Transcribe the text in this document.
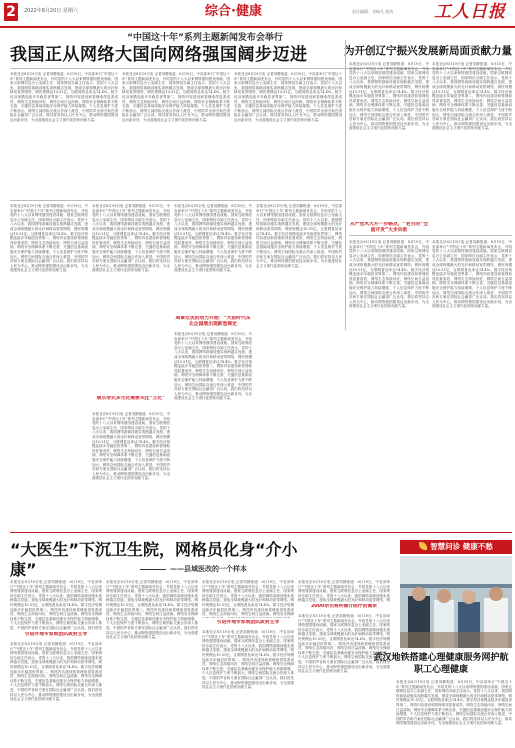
2	2022年8月20日 星期六	综合·健康	责任编辑：邓崎凡 胡涛 工人日报
“中国这十年”系列主题新闻发布会举行
我国正从网络大国向网络强国阔步迈进	为开创辽宁振兴发展新局面贡献力量
本报北京8月19日电 记者刘静报道：8月19日，中宣部举行“中国这十年”系列主题新闻发布会，介绍党的十八大以来网络强国建设成就。国家互联网信息办公室副主任、国家网信办副主任表示，党的十八大以来，我国网络基础设施实现跨越式发展，建成全球规模最大的光纤和移动宽带网络，网民规模达10.51亿，互联网普及率达74.4%。数字经济规模连续多年稳居世界第二，网络内容建设和管理取得显著成效，网络生态持续向好，网络空间日益清朗。网络安全保障体系不断完善，关键信息基础设施安全保护能力持续增强，个人信息保护力度不断加大。网络空间国际交流合作深入推进，中国的声音和方案在国际社会赢得广泛认同。我们将坚持以人民为中心，推动网络强国建设迈出新步伐，为全面建设社会主义现代化国家贡献力量。
本报北京8月19日电 记者刘静报道：8月19日，中宣部举行“中国这十年”系列主题新闻发布会，介绍党的十八大以来网络强国建设成就。国家互联网信息办公室副主任、国家网信办副主任表示，党的十八大以来，我国网络基础设施实现跨越式发展，建成全球规模最大的光纤和移动宽带网络，网民规模达10.51亿，互联网普及率达74.4%。数字经济规模连续多年稳居世界第二，网络内容建设和管理取得显著成效，网络生态持续向好，网络空间日益清朗。网络安全保障体系不断完善，关键信息基础设施安全保护能力持续增强，个人信息保护力度不断加大。网络空间国际交流合作深入推进，中国的声音和方案在国际社会赢得广泛认同。我们将坚持以人民为中心，推动网络强国建设迈出新步伐，为全面建设社会主义现代化国家贡献力量。
本报北京8月19日电 记者刘静报道：8月19日，中宣部举行“中国这十年”系列主题新闻发布会，介绍党的十八大以来网络强国建设成就。国家互联网信息办公室副主任、国家网信办副主任表示，党的十八大以来，我国网络基础设施实现跨越式发展，建成全球规模最大的光纤和移动宽带网络，网民规模达10.51亿，互联网普及率达74.4%。数字经济规模连续多年稳居世界第二，网络内容建设和管理取得显著成效，网络生态持续向好，网络空间日益清朗。网络安全保障体系不断完善，关键信息基础设施安全保护能力持续增强，个人信息保护力度不断加大。网络空间国际交流合作深入推进，中国的声音和方案在国际社会赢得广泛认同。我们将坚持以人民为中心，推动网络强国建设迈出新步伐，为全面建设社会主义现代化国家贡献力量。
本报北京8月19日电 记者刘静报道：8月19日，中宣部举行“中国这十年”系列主题新闻发布会，介绍党的十八大以来网络强国建设成就。国家互联网信息办公室副主任、国家网信办副主任表示，党的十八大以来，我国网络基础设施实现跨越式发展，建成全球规模最大的光纤和移动宽带网络，网民规模达10.51亿，互联网普及率达74.4%。数字经济规模连续多年稳居世界第二，网络内容建设和管理取得显著成效，网络生态持续向好，网络空间日益清朗。网络安全保障体系不断完善，关键信息基础设施安全保护能力持续增强，个人信息保护力度不断加大。网络空间国际交流合作深入推进，中国的声音和方案在国际社会赢得广泛认同。我们将坚持以人民为中心，推动网络强国建设迈出新步伐，为全面建设社会主义现代化国家贡献力量。
本报北京8月19日电 记者刘静报道：8月19日，中宣部举行“中国这十年”系列主题新闻发布会，介绍党的十八大以来网络强国建设成就。国家互联网信息办公室副主任、国家网信办副主任表示，党的十八大以来，我国网络基础设施实现跨越式发展，建成全球规模最大的光纤和移动宽带网络，网民规模达10.51亿，互联网普及率达74.4%。数字经济规模连续多年稳居世界第二，网络内容建设和管理取得显著成效，网络生态持续向好，网络空间日益清朗。网络安全保障体系不断完善，关键信息基础设施安全保护能力持续增强，个人信息保护力度不断加大。网络空间国际交流合作深入推进，中国的声音和方案在国际社会赢得广泛认同。我们将坚持以人民为中心，推动网络强国建设迈出新步伐，为全面建设社会主义现代化国家贡献力量。
本报北京8月19日电 记者刘静报道：8月19日，中宣部举行“中国这十年”系列主题新闻发布会，介绍党的十八大以来网络强国建设成就。国家互联网信息办公室副主任、国家网信办副主任表示，党的十八大以来，我国网络基础设施实现跨越式发展，建成全球规模最大的光纤和移动宽带网络，网民规模达10.51亿，互联网普及率达74.4%。数字经济规模连续多年稳居世界第二，网络内容建设和管理取得显著成效，网络生态持续向好，网络空间日益清朗。网络安全保障体系不断完善，关键信息基础设施安全保护能力持续增强，个人信息保护力度不断加大。网络空间国际交流合作深入推进，中国的声音和方案在国际社会赢得广泛认同。我们将坚持以人民为中心，推动网络强国建设迈出新步伐，为全面建设社会主义现代化国家贡献力量。
本报北京8月19日电 记者刘静报道：8月19日，中宣部举行“中国这十年”系列主题新闻发布会，介绍党的十八大以来网络强国建设成就。国家互联网信息办公室副主任、国家网信办副主任表示，党的十八大以来，我国网络基础设施实现跨越式发展，建成全球规模最大的光纤和移动宽带网络，网民规模达10.51亿，互联网普及率达74.4%。数字经济规模连续多年稳居世界第二，网络内容建设和管理取得显著成效，网络生态持续向好，网络空间日益清朗。网络安全保障体系不断完善，关键信息基础设施安全保护能力持续增强，个人信息保护力度不断加大。网络空间国际交流合作深入推进，中国的声音和方案在国际社会赢得广泛认同。我们将坚持以人民为中心，推动网络强国建设迈出新步伐，为全面建设社会主义现代化国家贡献力量。
娱乐形式多元化需要关注“土化”
本报北京8月19日电 记者刘静报道：8月19日，中宣部举行“中国这十年”系列主题新闻发布会，介绍党的十八大以来网络强国建设成就。国家互联网信息办公室副主任、国家网信办副主任表示，党的十八大以来，我国网络基础设施实现跨越式发展，建成全球规模最大的光纤和移动宽带网络，网民规模达10.51亿，互联网普及率达74.4%。数字经济规模连续多年稳居世界第二，网络内容建设和管理取得显著成效，网络生态持续向好，网络空间日益清朗。网络安全保障体系不断完善，关键信息基础设施安全保护能力持续增强，个人信息保护力度不断加大。网络空间国际交流合作深入推进，中国的声音和方案在国际社会赢得广泛认同。我们将坚持以人民为中心，推动网络强国建设迈出新步伐，为全面建设社会主义现代化国家贡献力量。
本报北京8月19日电 记者刘静报道：8月19日，中宣部举行“中国这十年”系列主题新闻发布会，介绍党的十八大以来网络强国建设成就。国家互联网信息办公室副主任、国家网信办副主任表示，党的十八大以来，我国网络基础设施实现跨越式发展，建成全球规模最大的光纤和移动宽带网络，网民规模达10.51亿，互联网普及率达74.4%。数字经济规模连续多年稳居世界第二，网络内容建设和管理取得显著成效，网络生态持续向好，网络空间日益清朗。网络安全保障体系不断完善，关键信息基础设施安全保护能力持续增强，个人信息保护力度不断加大。网络空间国际交流合作深入推进，中国的声音和方案在国际社会赢得广泛认同。我们将坚持以人民为中心，推动网络强国建设迈出新步伐，为全面建设社会主义现代化国家贡献力量。
周章过优的动力开始：“大前时代东北企国展出现新型规定
本报北京8月19日电 记者刘静报道：8月19日，中宣部举行“中国这十年”系列主题新闻发布会，介绍党的十八大以来网络强国建设成就。国家互联网信息办公室副主任、国家网信办副主任表示，党的十八大以来，我国网络基础设施实现跨越式发展，建成全球规模最大的光纤和移动宽带网络，网民规模达10.51亿，互联网普及率达74.4%。数字经济规模连续多年稳居世界第二，网络内容建设和管理取得显著成效，网络生态持续向好，网络空间日益清朗。网络安全保障体系不断完善，关键信息基础设施安全保护能力持续增强，个人信息保护力度不断加大。网络空间国际交流合作深入推进，中国的声音和方案在国际社会赢得广泛认同。我们将坚持以人民为中心，推动网络强国建设迈出新步伐，为全面建设社会主义现代化国家贡献力量。
本报北京8月19日电 记者刘静报道：8月19日，中宣部举行“中国这十年”系列主题新闻发布会，介绍党的十八大以来网络强国建设成就。国家互联网信息办公室副主任、国家网信办副主任表示，党的十八大以来，我国网络基础设施实现跨越式发展，建成全球规模最大的光纤和移动宽带网络，网民规模达10.51亿，互联网普及率达74.4%。数字经济规模连续多年稳居世界第二，网络内容建设和管理取得显著成效，网络生态持续向好，网络空间日益清朗。网络安全保障体系不断完善，关键信息基础设施安全保护能力持续增强，个人信息保护力度不断加大。网络空间国际交流合作深入推进，中国的声音和方案在国际社会赢得广泛认同。我们将坚持以人民为中心，推动网络强国建设迈出新步伐，为全面建设社会主义现代化国家贡献力量。
本报北京8月19日电 记者刘静报道：8月19日，中宣部举行“中国这十年”系列主题新闻发布会，介绍党的十八大以来网络强国建设成就。国家互联网信息办公室副主任、国家网信办副主任表示，党的十八大以来，我国网络基础设施实现跨越式发展，建成全球规模最大的光纤和移动宽带网络，网民规模达10.51亿，互联网普及率达74.4%。数字经济规模连续多年稳居世界第二，网络内容建设和管理取得显著成效，网络生态持续向好，网络空间日益清朗。网络安全保障体系不断完善，关键信息基础设施安全保护能力持续增强，个人信息保护力度不断加大。网络空间国际交流合作深入推进，中国的声音和方案在国际社会赢得广泛认同。我们将坚持以人民为中心，推动网络强国建设迈出新步伐，为全面建设社会主义现代化国家贡献力量。
从严党风大开一步路点，“老百的“全面开发”大步向前
本报北京8月19日电 记者刘静报道：8月19日，中宣部举行“中国这十年”系列主题新闻发布会，介绍党的十八大以来网络强国建设成就。国家互联网信息办公室副主任、国家网信办副主任表示，党的十八大以来，我国网络基础设施实现跨越式发展，建成全球规模最大的光纤和移动宽带网络，网民规模达10.51亿，互联网普及率达74.4%。数字经济规模连续多年稳居世界第二，网络内容建设和管理取得显著成效，网络生态持续向好，网络空间日益清朗。网络安全保障体系不断完善，关键信息基础设施安全保护能力持续增强，个人信息保护力度不断加大。网络空间国际交流合作深入推进，中国的声音和方案在国际社会赢得广泛认同。我们将坚持以人民为中心，推动网络强国建设迈出新步伐，为全面建设社会主义现代化国家贡献力量。
“大医生”下沉卫生院，网格员化身“介小康”	——县域医改的一个样本
本报北京8月19日电 记者刘静报道：8月19日，中宣部举行“中国这十年”系列主题新闻发布会，介绍党的十八大以来网络强国建设成就。国家互联网信息办公室副主任、国家网信办副主任表示，党的十八大以来，我国网络基础设施实现跨越式发展，建成全球规模最大的光纤和移动宽带网络，网民规模达10.51亿，互联网普及率达74.4%。数字经济规模连续多年稳居世界第二，网络内容建设和管理取得显著成效，网络生态持续向好，网络空间日益清朗。网络安全保障体系不断完善，关键信息基础设施安全保护能力持续增强，个人信息保护力度不断加大。网络空间国际交流合作深入推进，中国的声音和方案在国际社会赢得广泛认同。我们将坚
引进外地专家或团队政府主导
本报北京8月19日电 记者刘静报道：8月19日，中宣部举行“中国这十年”系列主题新闻发布会，介绍党的十八大以来网络强国建设成就。国家互联网信息办公室副主任、国家网信办副主任表示，党的十八大以来，我国网络基础设施实现跨越式发展，建成全球规模最大的光纤和移动宽带网络，网民规模达10.51亿，互联网普及率达74.4%。数字经济规模连续多年稳居世界第二，网络内容建设和管理取得显著成效，网络生态持续向好，网络空间日益清朗。网络安全保障体系不断完善，关键信息基础设施安全保护能力持续增强，个人信息保护力度不断加大。网络空间国际交流合作深入推进，中国的声音和方案在国际社会赢得广泛认同。我们将坚持以人民为中心，推动网络强国建设迈出新步伐，为全面建设社会主义现代化国家贡献力量。
本报北京8月19日电 记者刘静报道：8月19日，中宣部举行“中国这十年”系列主题新闻发布会，介绍党的十八大以来网络强国建设成就。国家互联网信息办公室副主任、国家网信办副主任表示，党的十八大以来，我国网络基础设施实现跨越式发展，建成全球规模最大的光纤和移动宽带网络，网民规模达10.51亿，互联网普及率达74.4%。数字经济规模连续多年稳居世界第二，网络内容建设和管理取得显著成效，网络生态持续向好，网络空间日益清朗。网络安全保障体系不断完善，关键信息基础设施安全保护能力持续增强，个人信息保护力度不断加大。网络空间国际交流合作深入推进，中国的声音和方案在国际社会赢得广泛认同。我们将坚持以人民为中心，推动网络强国建设迈出新步伐，为全面建设社会主义现代化国家贡献力量。
本报北京8月19日电 记者刘静报道：8月19日，中宣部举行“中国这十年”系列主题新闻发布会，介绍党的十八大以来网络强国建设成就。国家互联网信息办公室副主任、国家网信办副主任表示，党的十八大以来，我国网络基础设施实现跨越式发展，建成全球规模最大的光纤和移动宽带网络，网民规模达10.51亿，互联网普及率达74.4%。数字经济规模连续多年稳居世界第二，网络内容建设和管理取得显著成效，网络生态持续向好，网络空间日益清朗。网络安全保障
引进外地专家或团队政府主导
本报北京8月19日电 记者刘静报道：8月19日，中宣部举行“中国这十年”系列主题新闻发布会，介绍党的十八大以来网络强国建设成就。国家互联网信息办公室副主任、国家网信办副主任表示，党的十八大以来，我国网络基础设施实现跨越式发展，建成全球规模最大的光纤和移动宽带网络，网民规模达10.51亿，互联网普及率达74.4%。数字经济规模连续多年稳居世界第二，网络内容建设和管理取得显著成效，网络生态持续向好，网络空间日益清朗。网络安全保障体系不断完善，关键信息基础设施安全保护能力持续增强，个人信息保护力度不断加大。网络空间国际交流合作深入推进，中国的声音和方案在国际社会赢得广泛认同。我们将坚持以人民为中心，推动网络强国建设迈出新步伐，为全面建设社会主义现代化国家贡献力量。
本报北京8月19日电 记者刘静报道：8月19日，中宣部举行“中国这十年”系列主题新闻发布会，介绍党的十八大以来网络强国建设成就。国家互联网信息办公室副主任、国家网信办副主任表示，党的十八大以来，我国网络基础设施实现跨越式发展，建成全球规模最大的光纤和移动宽带网络，网
2000余名将所需计医疗的需求
本报北京8月19日电 记者刘静报道：8月19日，中宣部举行“中国这十年”系列主题新闻发布会，介绍党的十八大以来网络强国建设成就。国家互联网信息办公室副主任、国家网信办副主任表示，党的十八大以来，我国网络基础设施实现跨越式发展，建成全球规模最大的光纤和移动宽带网络，网民规模达10.51亿，互联网普及率达74.4%。数字经济规模连续多年稳居世界第二，网络内容建设和管理取得显著成效，网络生态持续向好，网络空间日益清朗。网络安全保障体系不断完善，关键信息基础设施安全保护能力持续增强，个人信息保护力度不断加大。网络空间国际交流合作深入推进，中国的声音和方案在国际社会赢得广泛认同。我们将坚持以人民为中心，推动网络强国建设迈出新步伐，为全面建设社会主义现代化国家贡献力量。
智慧问诊 健康不愁
武汉地铁搭建心理健康服务网护航职工心理健康
本报北京8月19日电 记者刘静报道：8月19日，中宣部举行“中国这十年”系列主题新闻发布会，介绍党的十八大以来网络强国建设成就。国家互联网信息办公室副主任、国家网信办副主任表示，党的十八大以来，我国网络基础设施实现跨越式发展，建成全球规模最大的光纤和移动宽带网络，网民规模达10.51亿，互联网普及率达74.4%。数字经济规模连续多年稳居世界第二，网络内容建设和管理取得显著成效，网络生态持续向好，网络空间日益清朗。网络安全保障体系不断完善，关键信息基础设施安全保护能力持续增强，个人信息保护力度不断加大。网络空间国际交流合作深入推进，中国的声音和方案在国际社会赢得广泛认同。我们将坚持以人民为中心，推动网络强国建设迈出新步伐，为全面建设社会主义现代化国家贡献力量。
